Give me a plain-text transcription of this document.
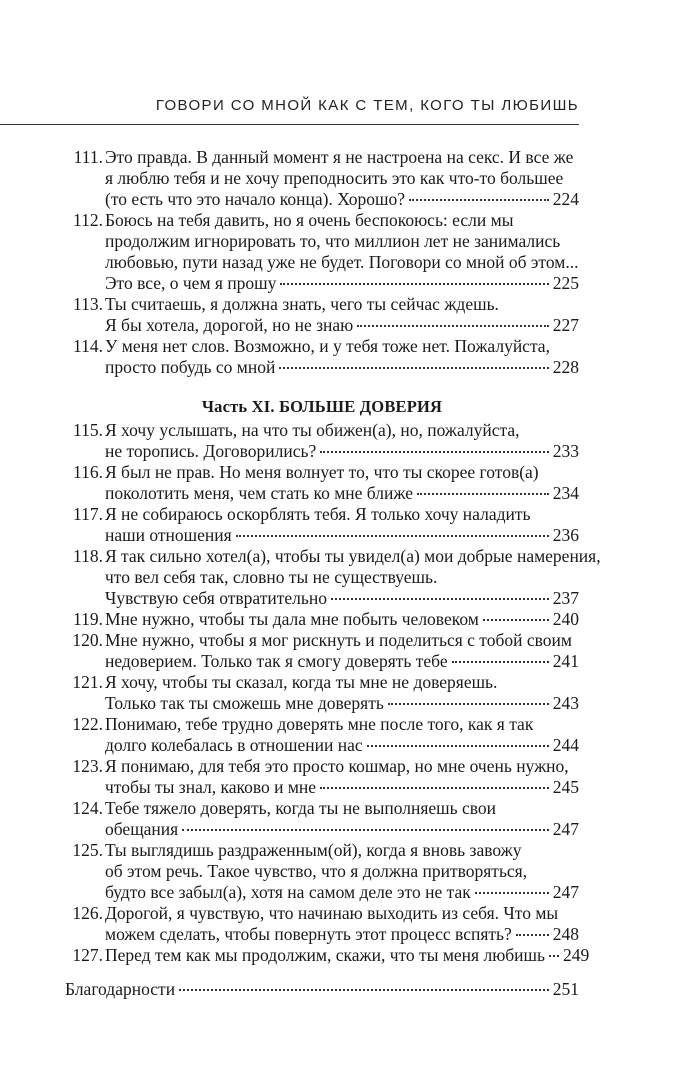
ГОВОРИ СО МНОЙ КАК С ТЕМ, КОГО ТЫ ЛЮБИШЬ
111. Это правда. В данный момент я не настроена на секс. И все же
я люблю тебя и не хочу преподносить это как что-то большее
(то есть что это начало конца). Хорошо?	224
112. Боюсь на тебя давить, но я очень беспокоюсь: если мы
продолжим игнорировать то, что миллион лет не занимались
любовью, пути назад уже не будет. Поговори со мной об этом...
Это все, о чем я прошу	225
113. Ты считаешь, я должна знать, чего ты сейчас ждешь.
Я бы хотела, дорогой, но не знаю	227
114. У меня нет слов. Возможно, и у тебя тоже нет. Пожалуйста,
просто побудь со мной	228
Часть XI. БОЛЬШЕ ДОВЕРИЯ
115. Я хочу услышать, на что ты обижен(а), но, пожалуйста,
не торопись. Договорились?	233
116. Я был не прав. Но меня волнует то, что ты скорее готов(а)
поколотить меня, чем стать ко мне ближе	234
117. Я не собираюсь оскорблять тебя. Я только хочу наладить
наши отношения	236
118. Я так сильно хотел(а), чтобы ты увидел(а) мои добрые намерения,
что вел себя так, словно ты не существуешь.
Чувствую себя отвратительно	237
119. Мне нужно, чтобы ты дала мне побыть человеком	240
120. Мне нужно, чтобы я мог рискнуть и поделиться с тобой своим
недоверием. Только так я смогу доверять тебе	241
121. Я хочу, чтобы ты сказал, когда ты мне не доверяешь.
Только так ты сможешь мне доверять	243
122. Понимаю, тебе трудно доверять мне после того, как я так
долго колебалась в отношении нас	244
123. Я понимаю, для тебя это просто кошмар, но мне очень нужно,
чтобы ты знал, каково и мне	245
124. Тебе тяжело доверять, когда ты не выполняешь свои
обещания	247
125. Ты выглядишь раздраженным(ой), когда я вновь завожу
об этом речь. Такое чувство, что я должна притворяться,
будто все забыл(а), хотя на самом деле это не так	247
126. Дорогой, я чувствую, что начинаю выходить из себя. Что мы
можем сделать, чтобы повернуть этот процесс вспять? 248
127. Перед тем как мы продолжим, скажи, что ты меня любишь 249
Благодарности	251
